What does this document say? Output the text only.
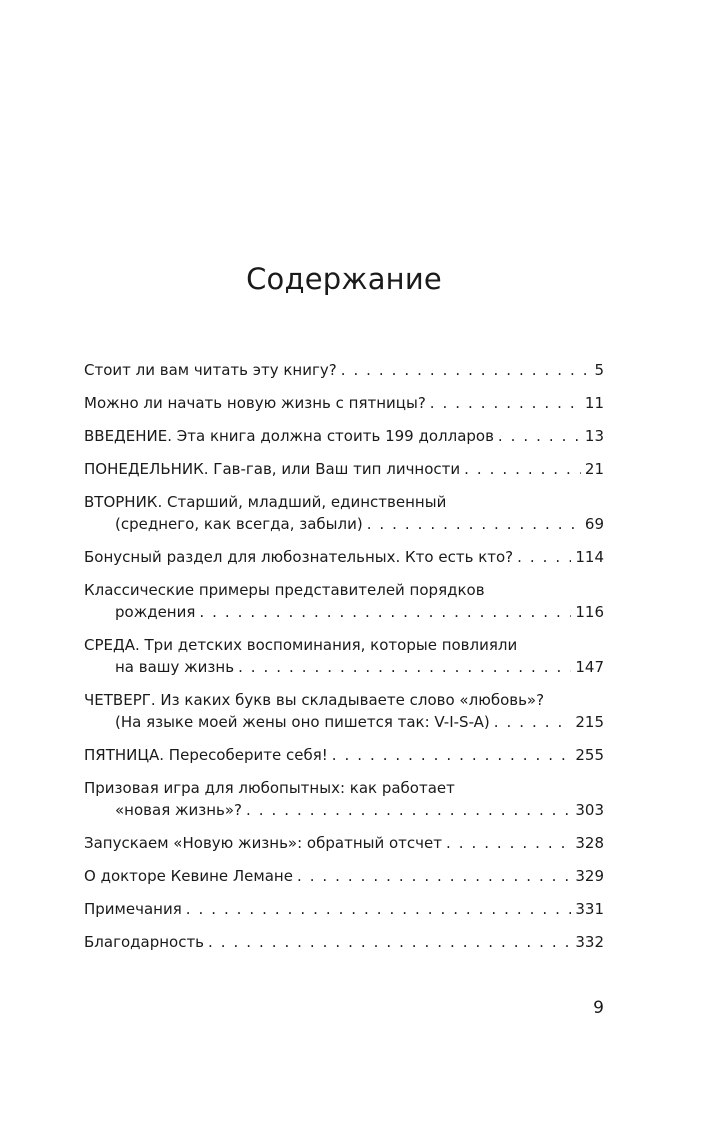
Содержание
Стоит ли вам читать эту книгу? . . .	5
Можно ли начать новую жизнь с пятницы? . . .	11
ВВЕДЕНИЕ. Эта книга должна стоить 199 долларов . . .	13
ПОНЕДЕЛЬНИК. Гав-гав, или Ваш тип личности . . .	21
ВТОРНИК. Старший, младший, единственный
(среднего, как всегда, забыли) . . .	69
Бонусный раздел для любознательных. Кто есть кто? . . .	114
Классические примеры представителей порядков
рождения . . .	116
СРЕДА. Три детских воспоминания, которые повлияли
на вашу жизнь . . .	147
ЧЕТВЕРГ. Из каких букв вы складываете слово «любовь»?
(На языке моей жены оно пишется так: V-I-S-A) . . .	215
ПЯТНИЦА. Пересоберите себя! . . .	255
Призовая игра для любопытных: как работает
«новая жизнь»? . . .	303
Запускаем «Новую жизнь»: обратный отсчет . . .	328
О докторе Кевине Лемане . . .	329
Примечания . . .	331
Благодарность . . .	332
9
